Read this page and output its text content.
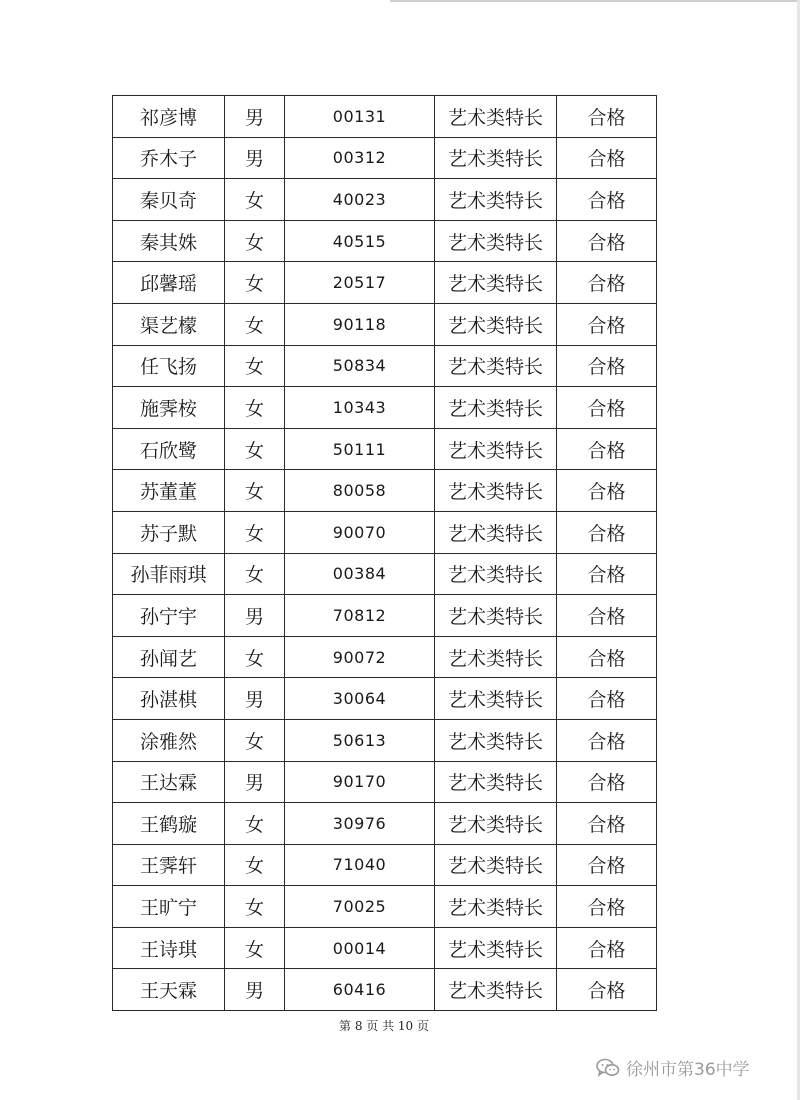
祁彦博	男	00131	艺术类特长	合格
乔木子	男	00312	艺术类特长	合格
秦贝奇	女	40023	艺术类特长	合格
秦其姝	女	40515	艺术类特长	合格
邱馨瑶	女	20517	艺术类特长	合格
渠艺檬	女	90118	艺术类特长	合格
任飞扬	女	50834	艺术类特长	合格
施霁桉	女	10343	艺术类特长	合格
石欣鹭	女	50111	艺术类特长	合格
苏董董	女	80058	艺术类特长	合格
苏子默	女	90070	艺术类特长	合格
孙菲雨琪	女	00384	艺术类特长	合格
孙宁宇	男	70812	艺术类特长	合格
孙闻艺	女	90072	艺术类特长	合格
孙湛棋	男	30064	艺术类特长	合格
涂雅然	女	50613	艺术类特长	合格
王达霖	男	90170	艺术类特长	合格
王鹤璇	女	30976	艺术类特长	合格
王霁轩	女	71040	艺术类特长	合格
王旷宁	女	70025	艺术类特长	合格
王诗琪	女	00014	艺术类特长	合格
王天霖	男	60416	艺术类特长	合格
第 8 页 共 10 页
徐州市第36中学
